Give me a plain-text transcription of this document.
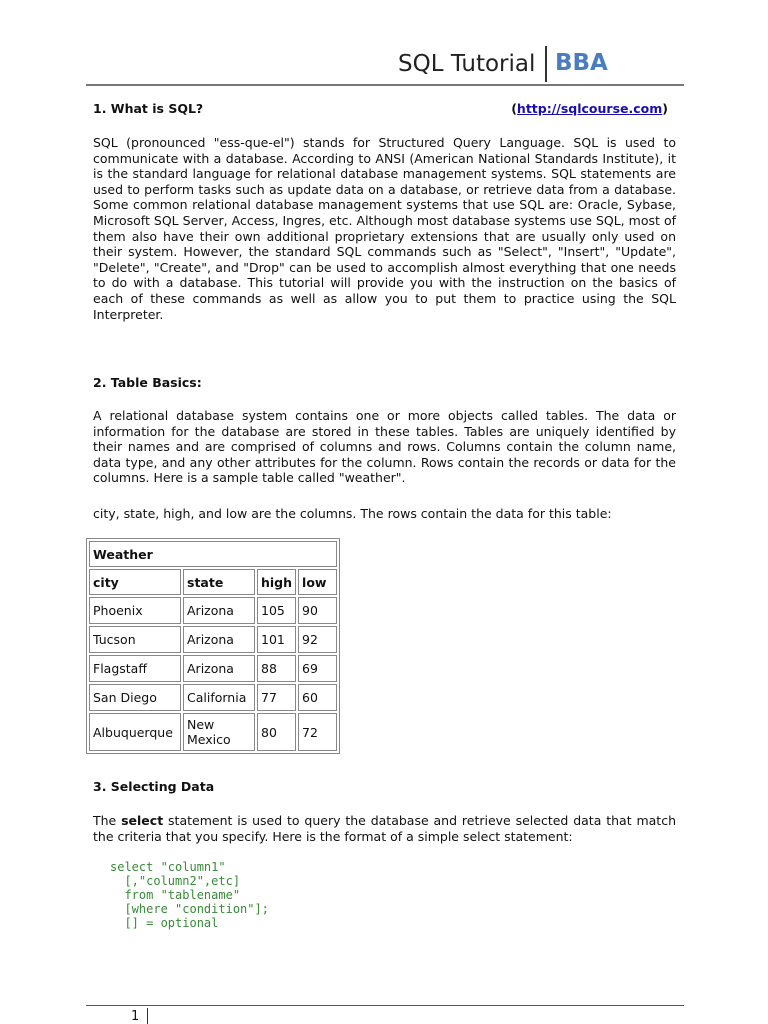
SQL Tutorial BBA
1. What is SQL?	(http://sqlcourse.com)
SQL (pronounced "ess-que-el") stands for Structured Query Language. SQL is used to communicate with a database. According to ANSI (American National Standards Institute), it is the standard language for relational database management systems. SQL statements are used to perform tasks such as update data on a database, or retrieve data from a database. Some common relational database management systems that use SQL are: Oracle, Sybase, Microsoft SQL Server, Access, Ingres, etc. Although most database systems use SQL, most of them also have their own additional proprietary extensions that are usually only used on their system. However, the standard SQL commands such as "Select", "Insert", "Update", "Delete", "Create", and "Drop" can be used to accomplish almost everything that one needs to do with a database. This tutorial will provide you with the instruction on the basics of each of these commands as well as allow you to put them to practice using the SQL Interpreter.
2. Table Basics:
A relational database system contains one or more objects called tables. The data or information for the database are stored in these tables. Tables are uniquely identified by their names and are comprised of columns and rows. Columns contain the column name, data type, and any other attributes for the column. Rows contain the records or data for the columns. Here is a sample table called "weather".
city, state, high, and low are the columns. The rows contain the data for this table:
Weather			
city	state	high	low
Phoenix	Arizona	105	90
Tucson	Arizona	101	92
Flagstaff	Arizona	88	69
San Diego	California	77	60
Albuquerque	New Mexico	80	72
3. Selecting Data
The select statement is used to query the database and retrieve selected data that match the criteria that you specify. Here is the format of a simple select statement:
select "column1"
[,"column2",etc]
from "tablename"
[where "condition"];
[] = optional
1
